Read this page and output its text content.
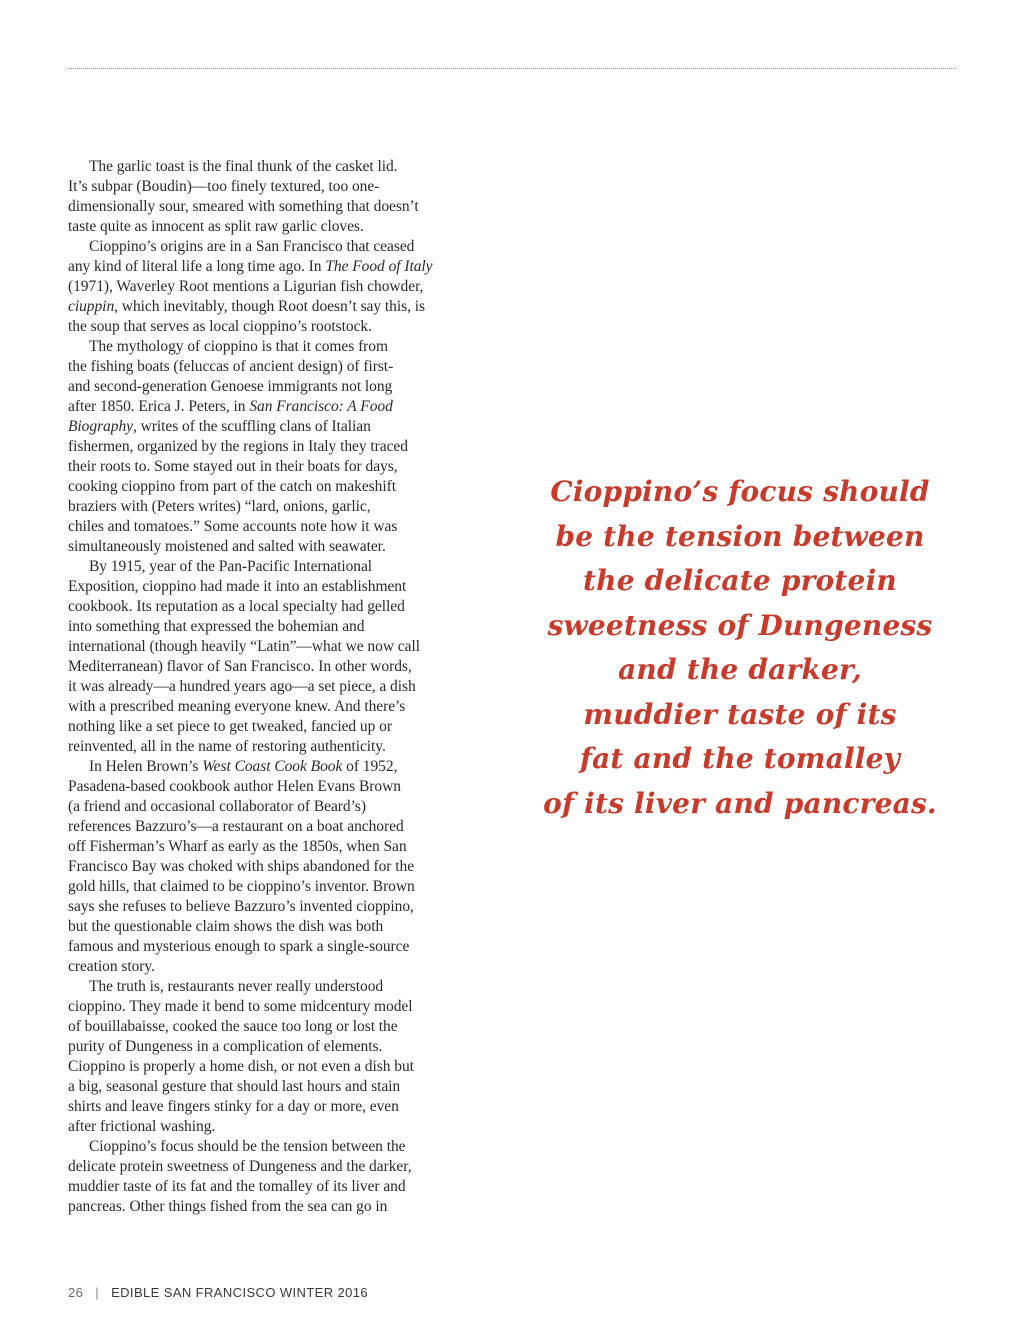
The garlic toast is the final thunk of the casket lid.
It’s subpar (Boudin)—too finely textured, too one-
dimensionally sour, smeared with something that doesn’t
taste quite as innocent as split raw garlic cloves.
Cioppino’s origins are in a San Francisco that ceased
any kind of literal life a long time ago. In The Food of Italy
(1971), Waverley Root mentions a Ligurian fish chowder,
ciuppin, which inevitably, though Root doesn’t say this, is
the soup that serves as local cioppino’s rootstock.
The mythology of cioppino is that it comes from
the fishing boats (feluccas of ancient design) of first-
and second-generation Genoese immigrants not long
after 1850. Erica J. Peters, in San Francisco: A Food
Biography, writes of the scuffling clans of Italian
fishermen, organized by the regions in Italy they traced
their roots to. Some stayed out in their boats for days,
cooking cioppino from part of the catch on makeshift
braziers with (Peters writes) “lard, onions, garlic,
chiles and tomatoes.” Some accounts note how it was
simultaneously moistened and salted with seawater.
By 1915, year of the Pan-Pacific International
Exposition, cioppino had made it into an establishment
cookbook. Its reputation as a local specialty had gelled
into something that expressed the bohemian and
international (though heavily “Latin”—what we now call
Mediterranean) flavor of San Francisco. In other words,
it was already—a hundred years ago—a set piece, a dish
with a prescribed meaning everyone knew. And there’s
nothing like a set piece to get tweaked, fancied up or
reinvented, all in the name of restoring authenticity.
In Helen Brown’s West Coast Cook Book of 1952,
Pasadena-based cookbook author Helen Evans Brown
(a friend and occasional collaborator of Beard’s)
references Bazzuro’s—a restaurant on a boat anchored
off Fisherman’s Wharf as early as the 1850s, when San
Francisco Bay was choked with ships abandoned for the
gold hills, that claimed to be cioppino’s inventor. Brown
says she refuses to believe Bazzuro’s invented cioppino,
but the questionable claim shows the dish was both
famous and mysterious enough to spark a single-source
creation story.
The truth is, restaurants never really understood
cioppino. They made it bend to some midcentury model
of bouillabaisse, cooked the sauce too long or lost the
purity of Dungeness in a complication of elements.
Cioppino is properly a home dish, or not even a dish but
a big, seasonal gesture that should last hours and stain
shirts and leave fingers stinky for a day or more, even
after frictional washing.
Cioppino’s focus should be the tension between the
delicate protein sweetness of Dungeness and the darker,
muddier taste of its fat and the tomalley of its liver and
pancreas. Other things fished from the sea can go in
Cioppino’s focus should
be the tension between
the delicate protein
sweetness of Dungeness
and the darker,
muddier taste of its
fat and the tomalley
of its liver and pancreas.
26 | EDIBLE SAN FRANCISCO WINTER 2016
